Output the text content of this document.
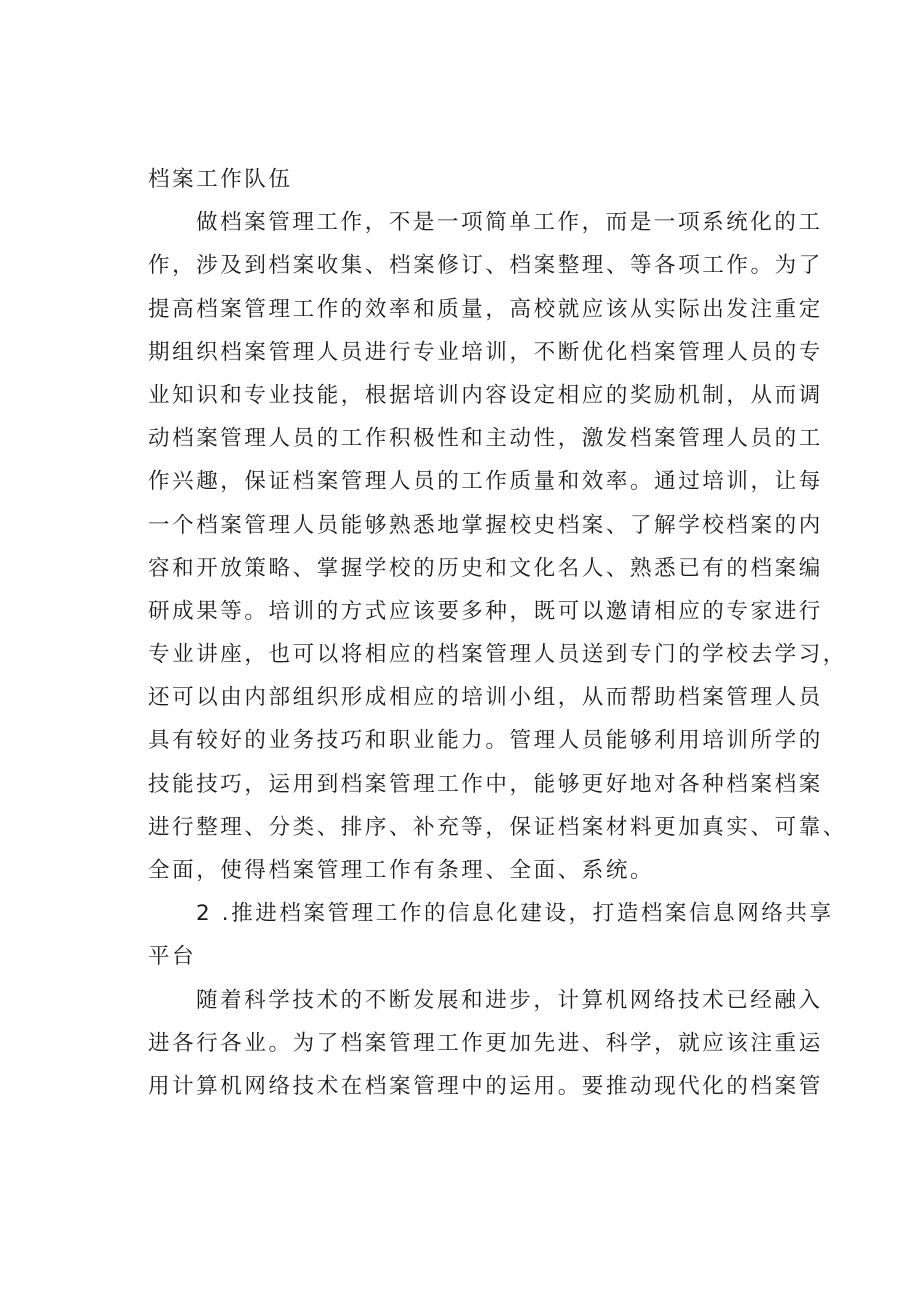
档案工作队伍
做档案管理工作，不是一项简单工作，而是一项系统化的工
作，涉及到档案收集、档案修订、档案整理、等各项工作。为了
提高档案管理工作的效率和质量，高校就应该从实际出发注重定
期组织档案管理人员进行专业培训，不断优化档案管理人员的专
业知识和专业技能，根据培训内容设定相应的奖励机制，从而调
动档案管理人员的工作积极性和主动性，激发档案管理人员的工
作兴趣，保证档案管理人员的工作质量和效率。通过培训，让每
一个档案管理人员能够熟悉地掌握校史档案、了解学校档案的内
容和开放策略、掌握学校的历史和文化名人、熟悉已有的档案编
研成果等。培训的方式应该要多种，既可以邀请相应的专家进行
专业讲座，也可以将相应的档案管理人员送到专门的学校去学习，
还可以由内部组织形成相应的培训小组，从而帮助档案管理人员
具有较好的业务技巧和职业能力。管理人员能够利用培训所学的
技能技巧，运用到档案管理工作中，能够更好地对各种档案档案
进行整理、分类、排序、补充等，保证档案材料更加真实、可靠、
全面，使得档案管理工作有条理、全面、系统。
2 .推进档案管理工作的信息化建设，打造档案信息网络共享
平台
随着科学技术的不断发展和进步，计算机网络技术已经融入
进各行各业。为了档案管理工作更加先进、科学，就应该注重运
用计算机网络技术在档案管理中的运用。要推动现代化的档案管
